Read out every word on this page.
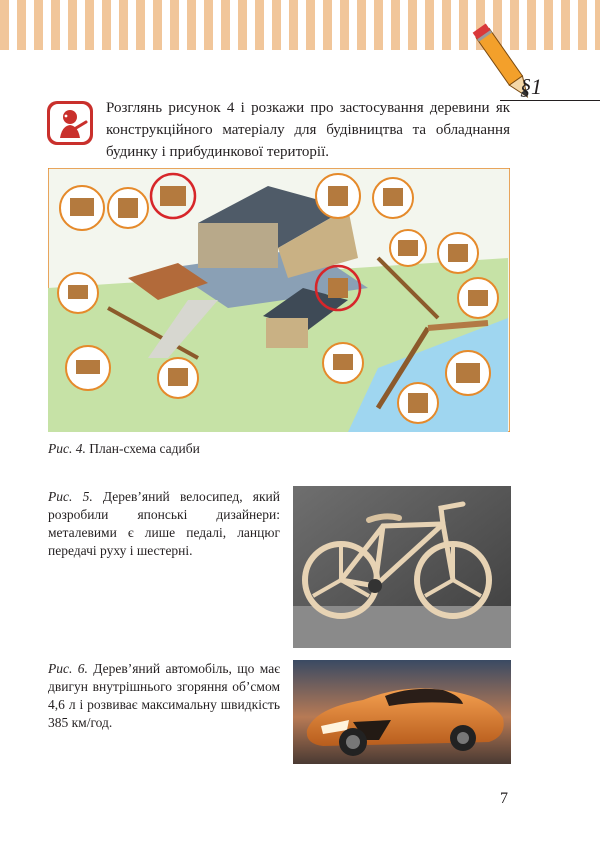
§1
Розглянь рисунок 4 і розкажи про застосування деревини як конструкційного матеріалу для будівництва та обладнання будинку і прибудинкової території.
Рис. 4. План-схема садиби
Рис. 5. Дерев’яний велосипед, який розробили японські дизайнери: металевими є лише педалі, ланцюг передачі руху і шестерні.
Рис. 6. Дерев’яний автомобіль, що має двигун внутрішнього згоряння об’смом 4,6 л і розвиває максимальну швидкість 385 км/год.
7
